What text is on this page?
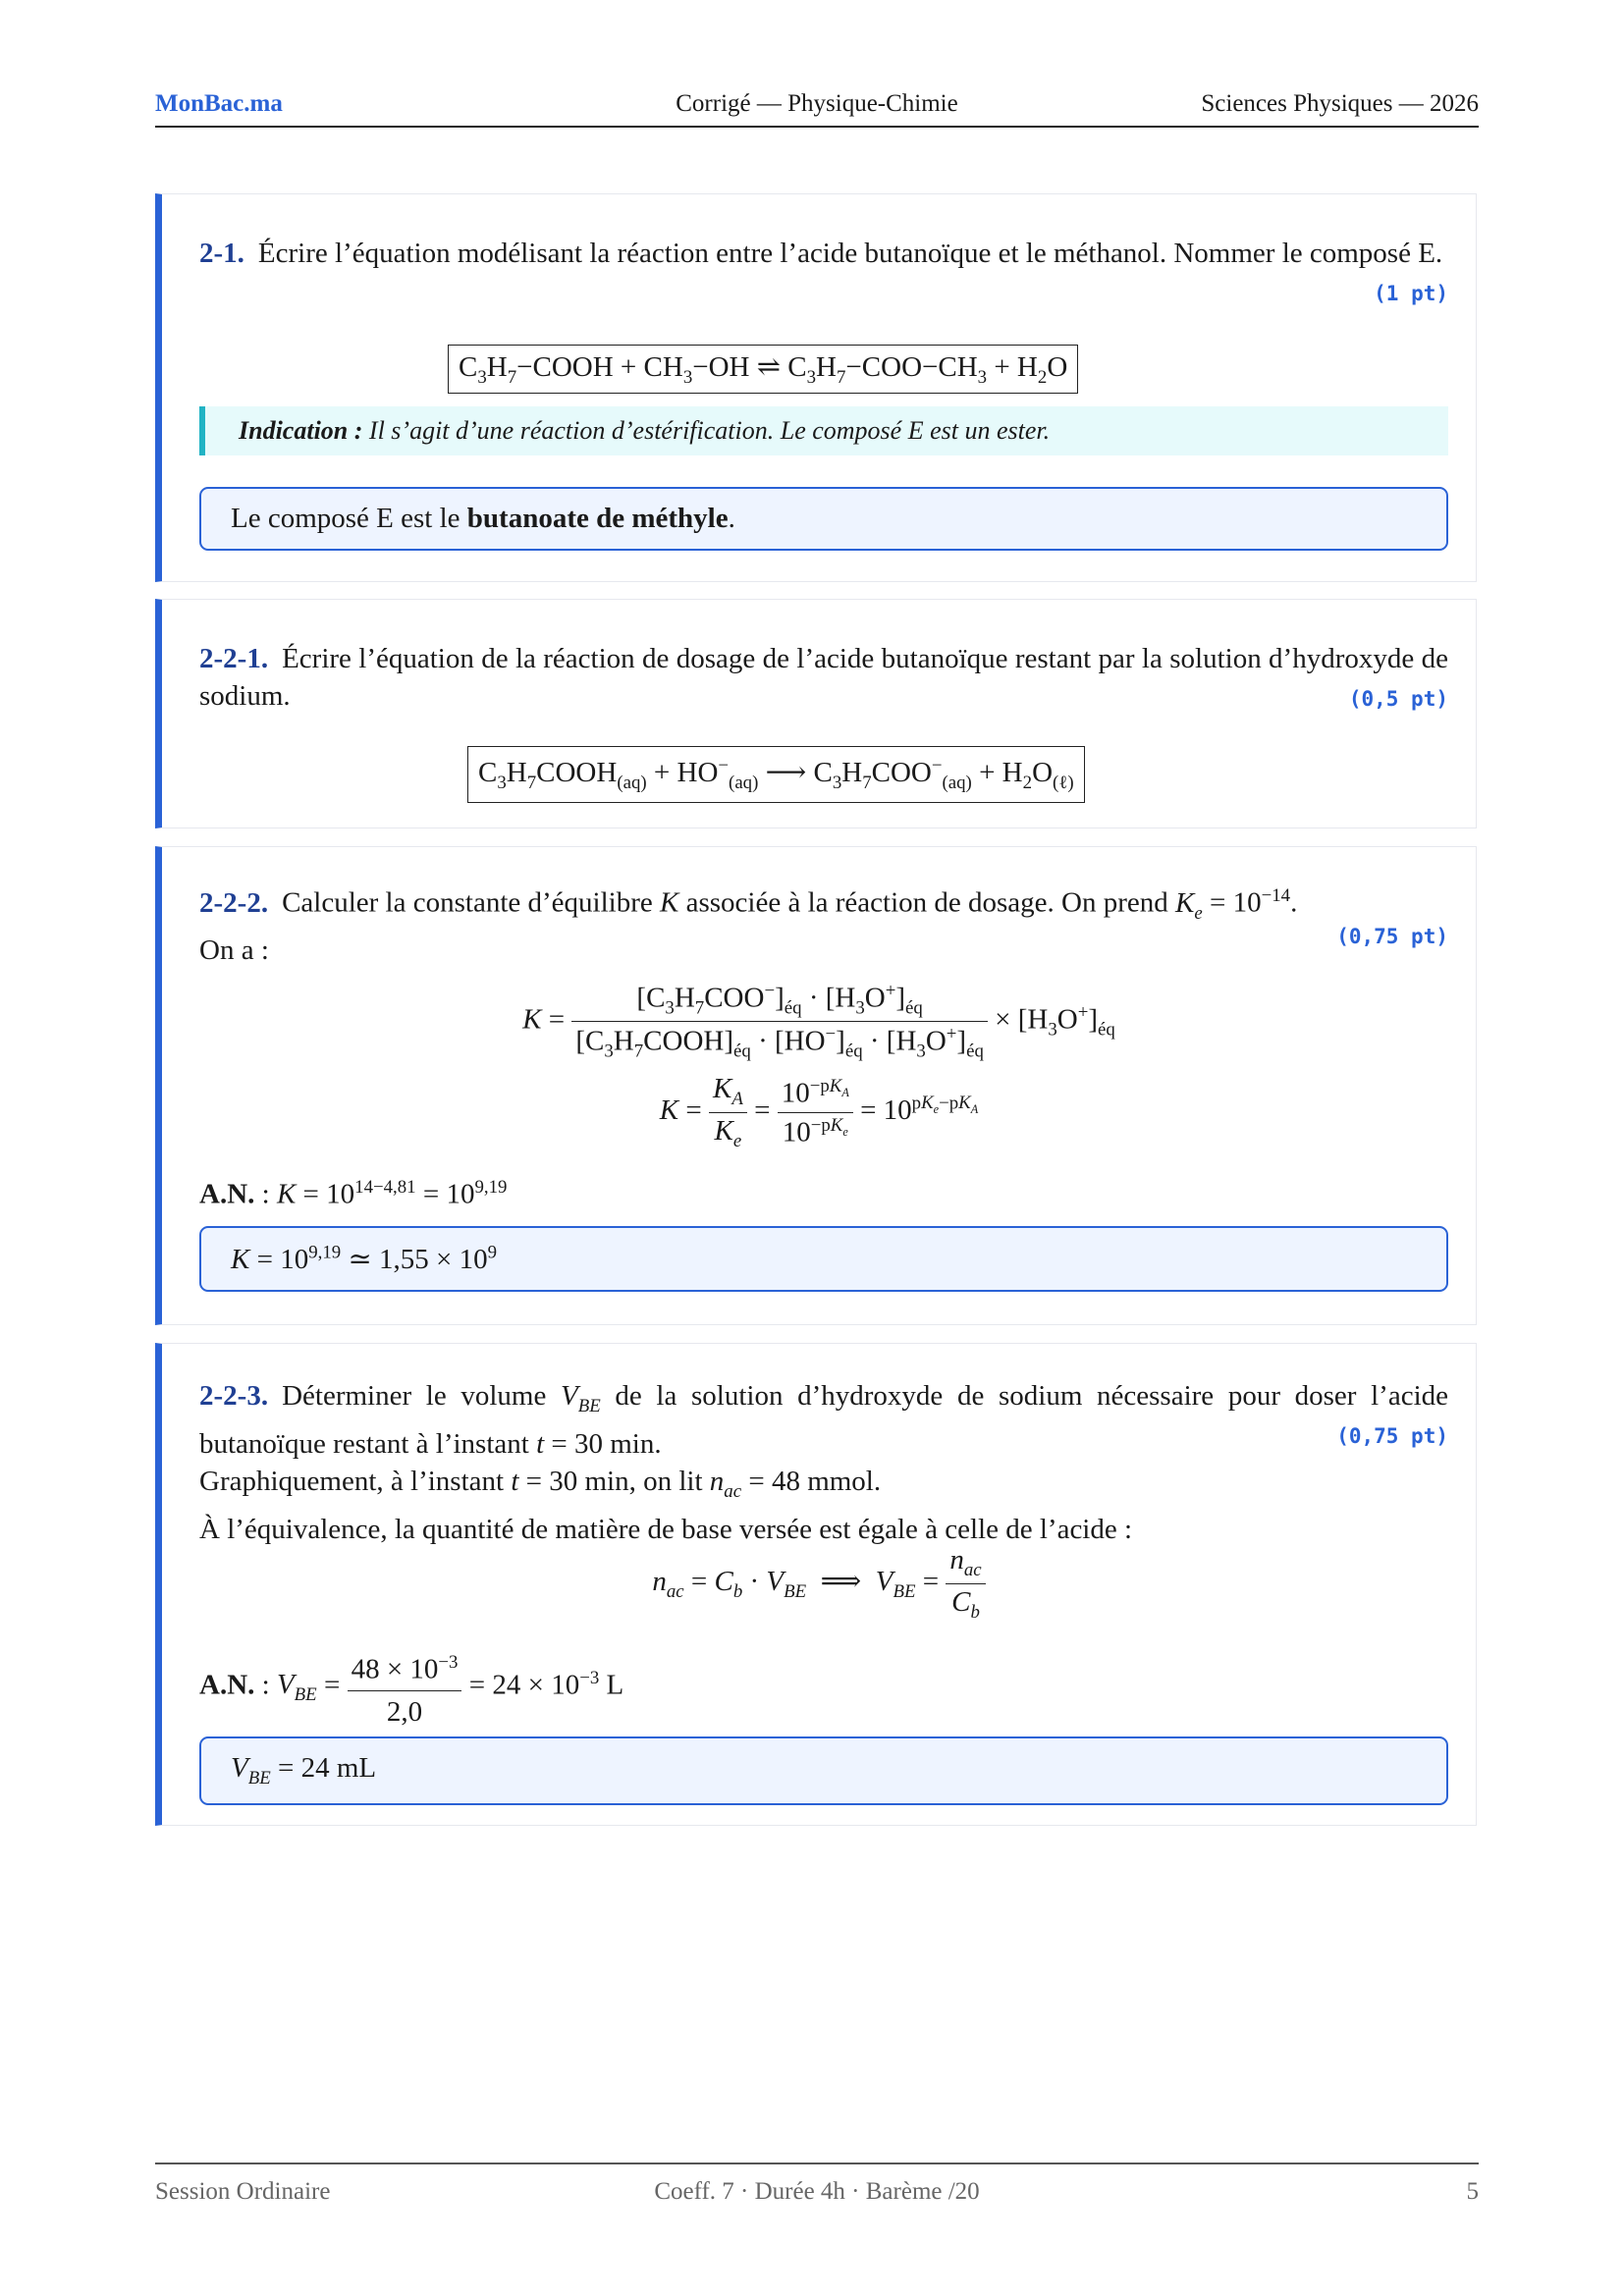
MonBac.ma	Corrigé — Physique-Chimie	Sciences Physiques — 2026
2-1. Écrire l’équation modélisant la réaction entre l’acide butanoïque et le méthanol. Nommer le composé E.
(1 pt)
$C_3H_7-COOH + CH_3-OH$ ⇌ $C_3H_7-COO-CH_3 + H_2O$
Indication : Il s’agit d’une réaction d’estérification. Le composé E est un ester.
Le composé E est le butanoate de méthyle.
2-2-1. Écrire l’équation de la réaction de dosage de l’acide butanoïque restant par la solution d’hydroxyde de sodium.	(0,5 pt)
$C_3H_7COOH_{(aq)} + HO^-_{(aq)}$ ⟶ $C_3H_7COO^-_{(aq)} + H_2O_{(\ell)}$
2-2-2. Calculer la constante d’équilibre K associée à la réaction de dosage. On prend $K_e = 10^{-14}$.
(0,75 pt)
On a :
$K = \frac{[C_3H_7COO^-]_{éq} \cdot [H_3O^+]_{éq}}{[C_3H_7COOH]_{éq} \cdot [HO^-]_{éq} \cdot [H_3O^+]_{éq}} \times [H_3O^+]_{éq}$
$K = \frac{K_A}{K_e} = \frac{10^{-pK_A}}{10^{-pK_e}} = 10^{pK_e-pK_A}$
A.N. : $K = 10^{14-4,81} = 10^{9,19}$
$K = 10^{9,19}$ ≃ $1,55 \times 10^9$
2-2-3. Déterminer le volume $V_{BE}$ de la solution d’hydroxyde de sodium nécessaire pour doser l’acide butanoïque restant à l’instant t = 30 min.	(0,75 pt)
Graphiquement, à l’instant t = 30 min, on lit $n_{ac} = 48$ mmol.
À l’équivalence, la quantité de matière de base versée est égale à celle de l’acide :
$n_{ac} = C_b \cdot V_{BE}$  ⟹  $V_{BE} = \frac{n_{ac}}{C_b}$
A.N. : $V_{BE} = \frac{48 \times 10^{-3}}{2,0} = 24 \times 10^{-3}$ L
$V_{BE} = 24$ mL
Session Ordinaire	Coeff. 7 · Durée 4h · Barème /20	5
